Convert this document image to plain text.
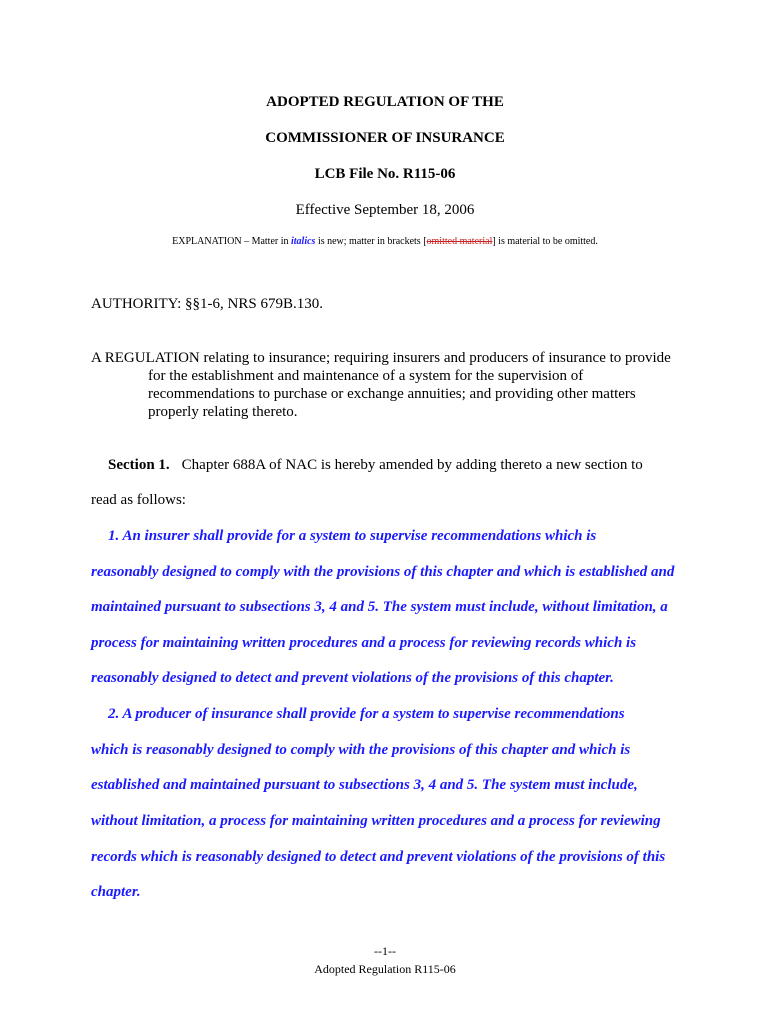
ADOPTED REGULATION OF THE
COMMISSIONER OF INSURANCE
LCB File No. R115-06
Effective September 18, 2006
EXPLANATION – Matter in italics is new; matter in brackets [omitted material] is material to be omitted.
AUTHORITY: §§1-6, NRS 679B.130.
A REGULATION relating to insurance; requiring insurers and producers of insurance to provide
for the establishment and maintenance of a system for the supervision of
recommendations to purchase or exchange annuities; and providing other matters
properly relating thereto.
Section 1. Chapter 688A of NAC is hereby amended by adding thereto a new section to
read as follows:
1. An insurer shall provide for a system to supervise recommendations which is
reasonably designed to comply with the provisions of this chapter and which is established and
maintained pursuant to subsections 3, 4 and 5. The system must include, without limitation, a
process for maintaining written procedures and a process for reviewing records which is
reasonably designed to detect and prevent violations of the provisions of this chapter.
2. A producer of insurance shall provide for a system to supervise recommendations
which is reasonably designed to comply with the provisions of this chapter and which is
established and maintained pursuant to subsections 3, 4 and 5. The system must include,
without limitation, a process for maintaining written procedures and a process for reviewing
records which is reasonably designed to detect and prevent violations of the provisions of this
chapter.
--1--
Adopted Regulation R115-06
